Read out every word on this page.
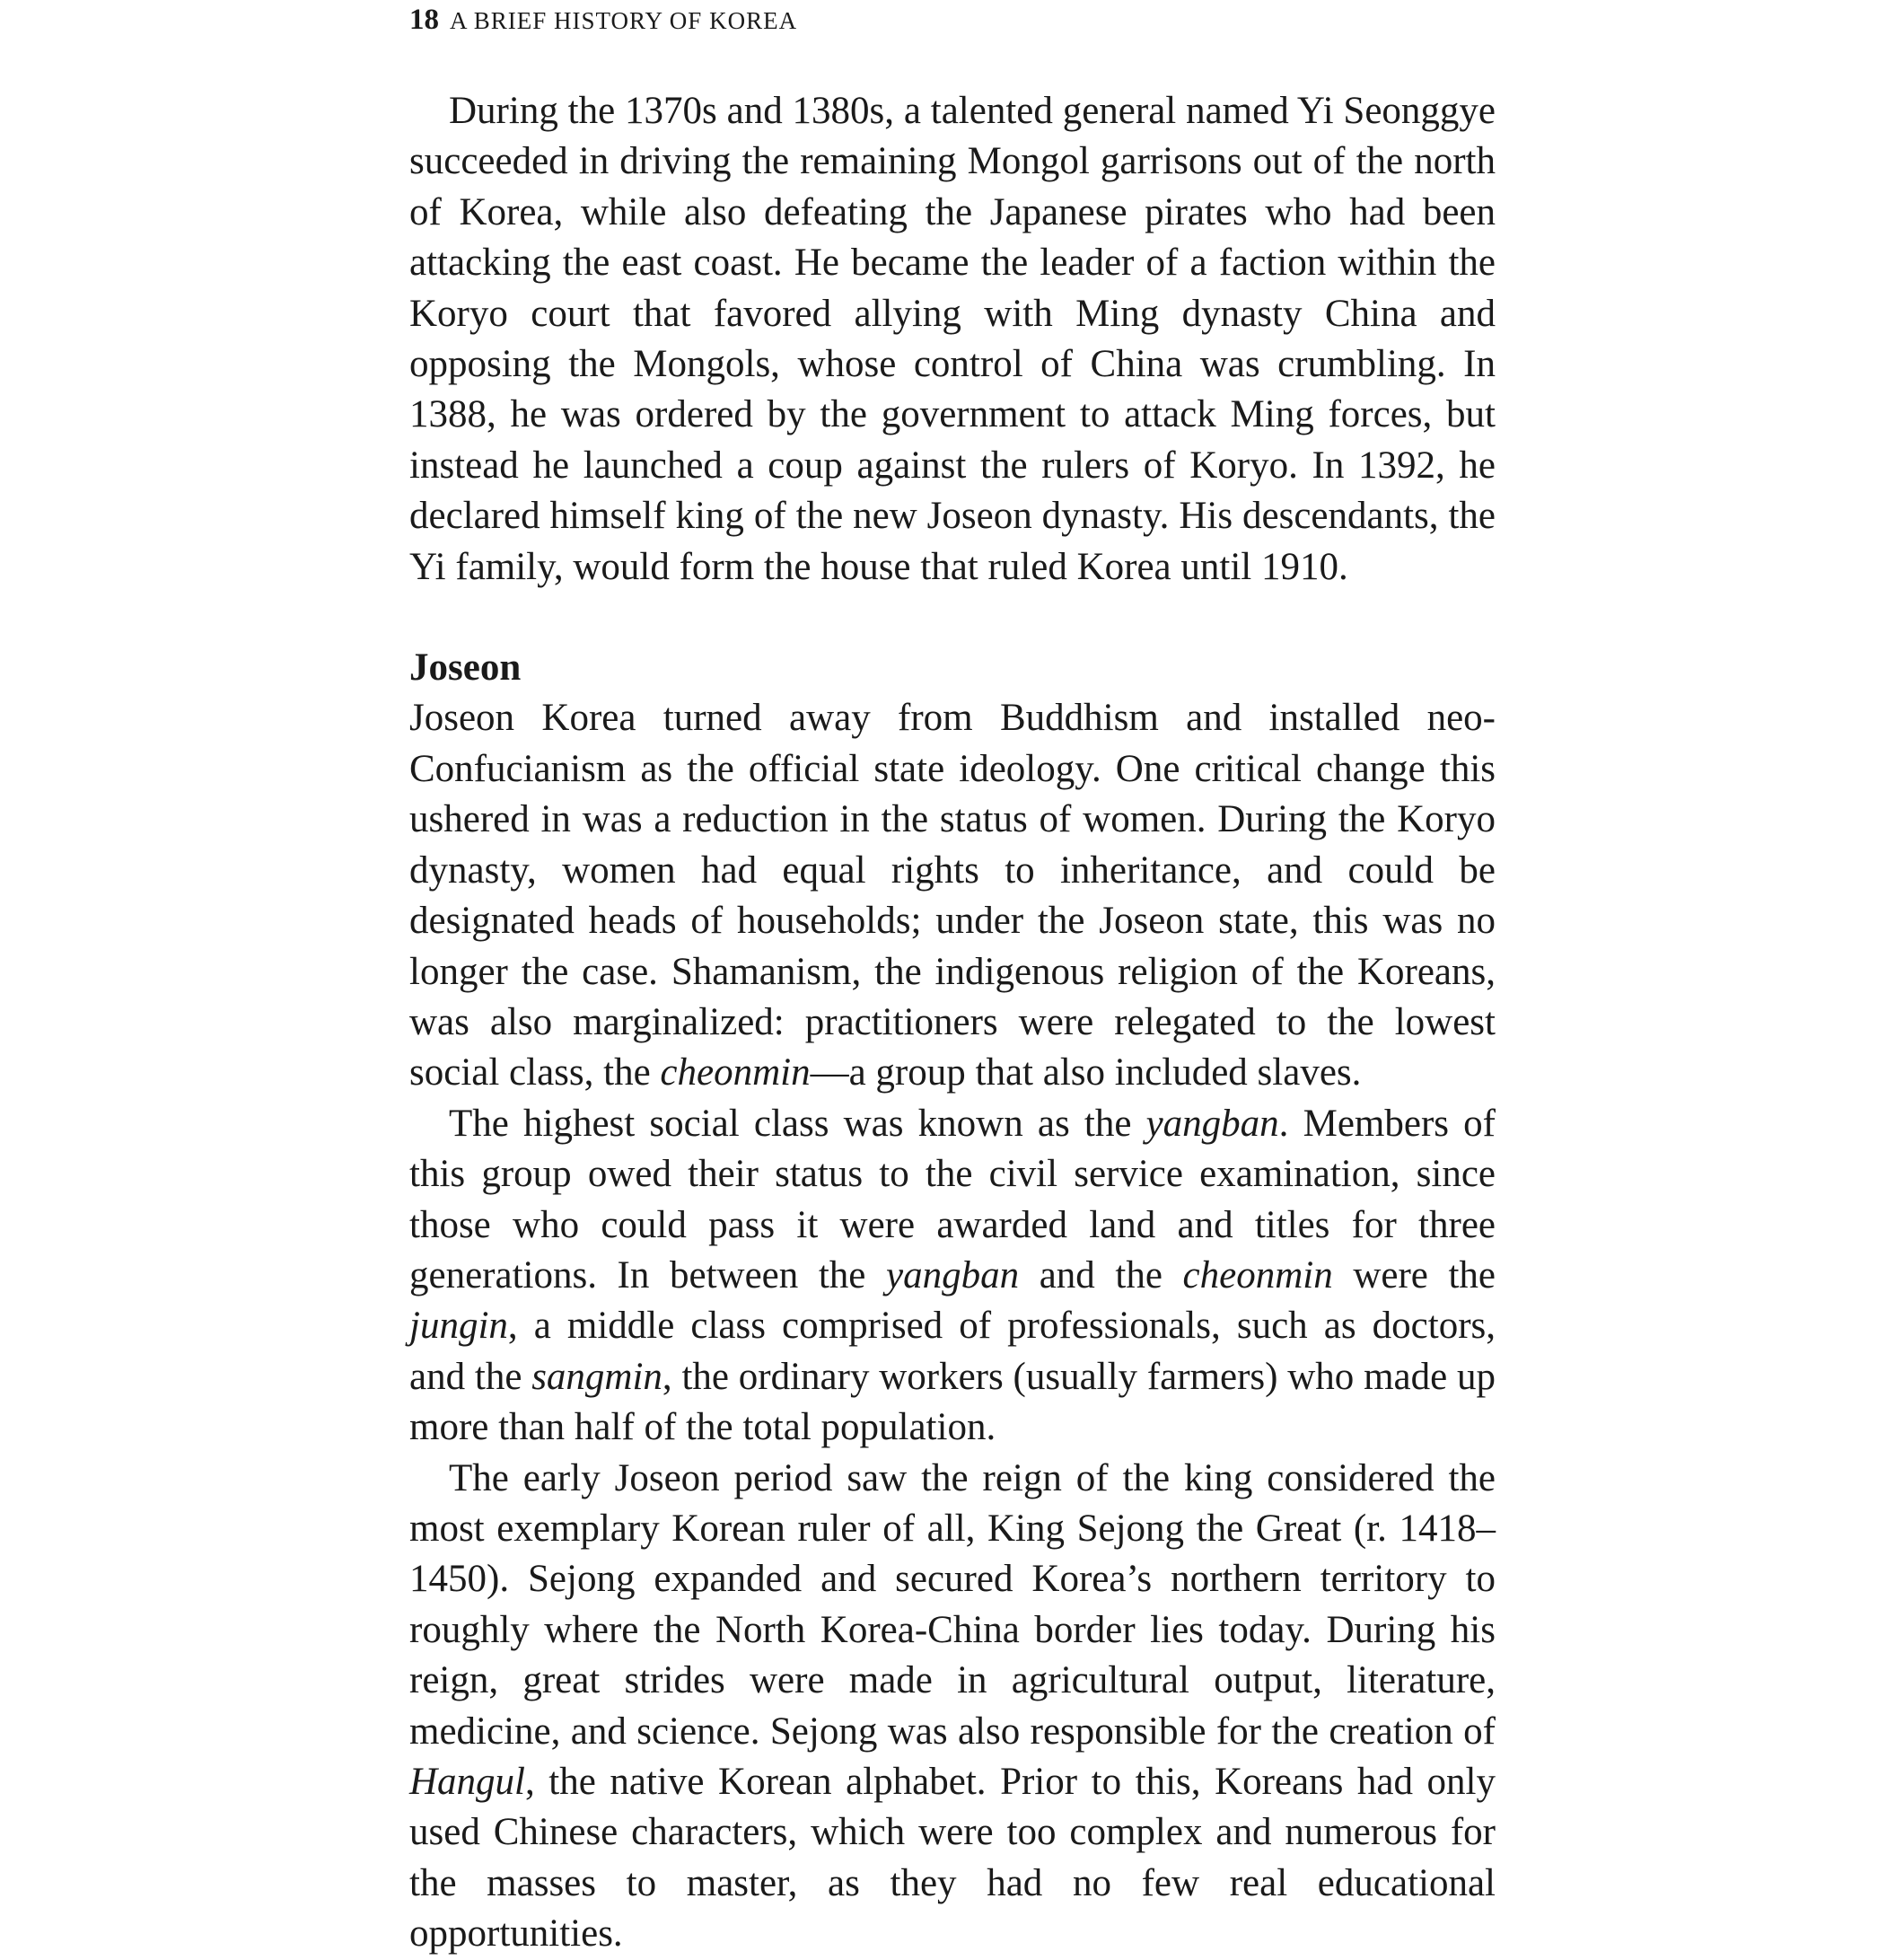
18 A BRIEF HISTORY OF KOREA

During the 1370s and 1380s, a talented general named Yi Seonggye succeeded in driving the remaining Mongol garrisons out of the north of Korea, while also defeating the Japanese pirates who had been attacking the east coast. He became the leader of a faction within the Koryo court that favored allying with Ming dynasty China and opposing the Mongols, whose control of China was crumbling. In 1388, he was ordered by the government to attack Ming forces, but instead he launched a coup against the rulers of Koryo. In 1392, he declared himself king of the new Joseon dynasty. His descendants, the Yi family, would form the house that ruled Korea until 1910.

Joseon

Joseon Korea turned away from Buddhism and installed neo-Confucianism as the official state ideology. One critical change this ushered in was a reduction in the status of women. During the Koryo dynasty, women had equal rights to inheritance, and could be designated heads of households; under the Joseon state, this was no longer the case. Shamanism, the indigenous religion of the Koreans, was also marginalized: practitioners were relegated to the lowest social class, the cheonmin—a group that also included slaves.

The highest social class was known as the yangban. Members of this group owed their status to the civil service examination, since those who could pass it were awarded land and titles for three generations. In between the yangban and the cheonmin were the jungin, a middle class comprised of professionals, such as doctors, and the sangmin, the ordinary workers (usually farmers) who made up more than half of the total population.

The early Joseon period saw the reign of the king considered the most exemplary Korean ruler of all, King Sejong the Great (r. 1418–1450). Sejong expanded and secured Korea’s northern territory to roughly where the North Korea-China border lies today. During his reign, great strides were made in agricultural output, literature, medicine, and science. Sejong was also responsible for the creation of Hangul, the native Korean alphabet. Prior to this, Koreans had only used Chinese characters, which were too complex and numerous for the masses to master, as they had no few real educational opportunities.
